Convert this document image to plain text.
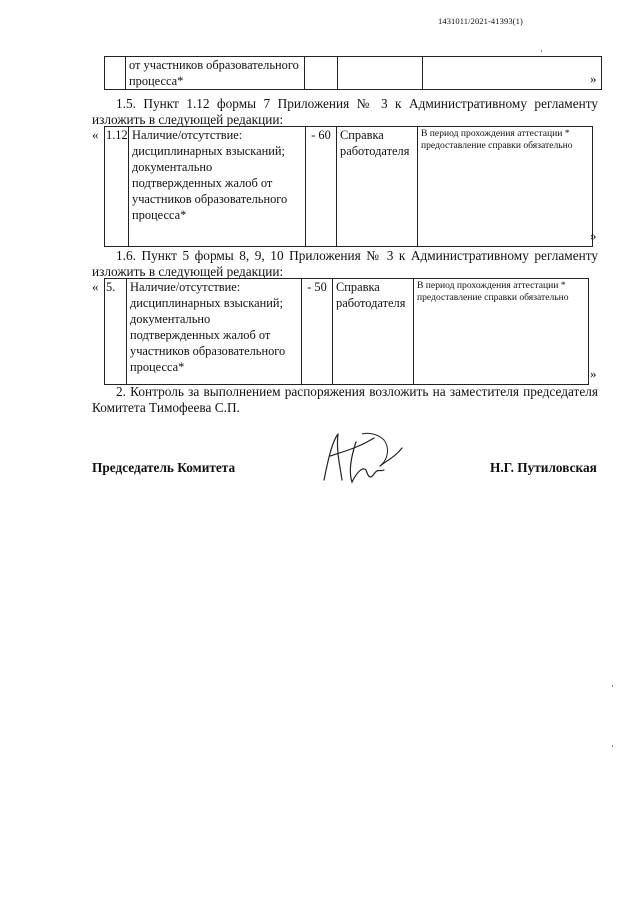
1431011/2021-41393(1)
	от участников образовательного процесса*				»
1.5. Пункт 1.12 формы 7 Приложения № 3 к Административному регламенту изложить в следующей редакции:
« 1.12	Наличие/отсутствие: дисциплинарных взысканий; документально подтвержденных жалоб от участников образовательного процесса*	- 60	Справка работодателя	В период прохождения аттестации * предоставление справки обязательно
»
1.6. Пункт 5 формы 8, 9, 10 Приложения № 3 к Административному регламенту изложить в следующей редакции:
« 5.	Наличие/отсутствие: дисциплинарных взысканий; документально подтвержденных жалоб от участников образовательного процесса*	- 50	Справка работодателя	В период прохождения аттестации * предоставление справки обязательно
»
2. Контроль за выполнением распоряжения возложить на заместителя председателя Комитета Тимофеева С.П.
Председатель Комитета	Н.Г. Путиловская
